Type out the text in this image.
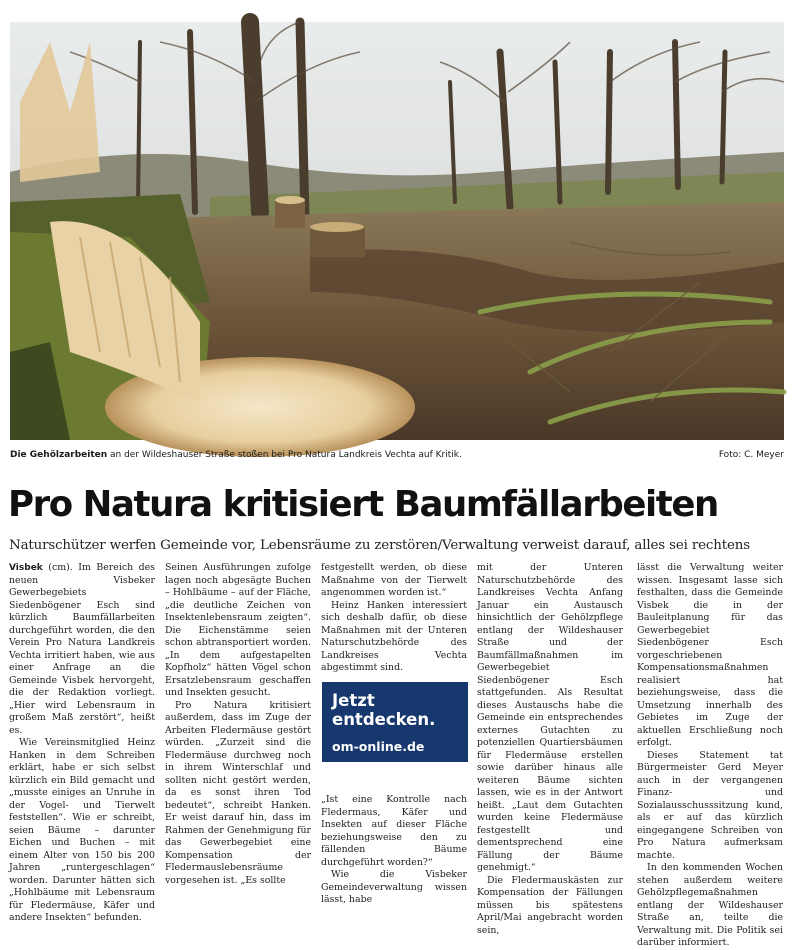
Die Gehölzarbeiten an der Wildeshauser Straße stoßen bei Pro Natura Landkreis Vechta auf Kritik.	Foto: C. Meyer
Pro Natura kritisiert Baumfällarbeiten
Naturschützer werfen Gemeinde vor, Lebensräume zu zerstören/Verwaltung verweist darauf, alles sei rechtens

Visbek (cm). Im Bereich des neuen Visbeker Gewerbegebiets Siedenbögener Esch sind kürzlich Baumfällarbeiten durchgeführt worden, die den Verein Pro Natura Landkreis Vechta irritiert haben, wie aus einer Anfrage an die Gemeinde Visbek hervorgeht, die der Redaktion vorliegt. „Hier wird Lebensraum in großem Maß zerstört“, heißt es.

Wie Vereinsmitglied Heinz Hanken in dem Schreiben erklärt, habe er sich selbst kürzlich ein Bild gemacht und „musste einiges an Unruhe in der Vogel- und Tierwelt feststellen“. Wie er schreibt, seien Bäume – darunter Eichen und Buchen – mit einem Alter von 150 bis 200 Jahren „runtergeschlagen“ worden. Darunter hätten sich „Hohlbäume mit Lebensraum für Fledermäuse, Käfer und andere Insekten“ befunden.

Seinen Ausführungen zufolge lagen noch abgesägte Buchen – Hohlbäume – auf der Fläche, „die deutliche Zeichen von Insektenlebensraum zeigten“. Die Eichenstämme seien schon abtransportiert worden. „In dem aufgestapelten Kopfholz“ hätten Vögel schon Ersatzlebensraum geschaffen und Insekten gesucht.

Pro Natura kritisiert außerdem, dass im Zuge der Arbeiten Fledermäuse gestört würden. „Zurzeit sind die Fledermäuse durchweg noch in ihrem Winterschlaf und sollten nicht gestört werden, da es sonst ihren Tod bedeutet“, schreibt Hanken. Er weist darauf hin, dass im Rahmen der Genehmigung für das Gewerbegebiet eine Kompensation der Fledermauslebensräume vorgesehen ist. „Es sollte

festgestellt werden, ob diese Maßnahme von der Tierwelt angenommen worden ist.“

Heinz Hanken interessiert sich deshalb dafür, ob diese Maßnahmen mit der Unteren Naturschutzbehörde des Landkreises Vechta abgestimmt sind.

Jetzt
entdecken.
om-online.de

„Ist eine Kontrolle nach Fledermaus, Käfer und Insekten auf dieser Fläche beziehungsweise den zu fällenden Bäume durchgeführt worden?“

Wie die Visbeker Gemeindeverwaltung wissen lässt, habe

mit der Unteren Naturschutzbehörde des Landkreises Vechta Anfang Januar ein Austausch hinsichtlich der Gehölzpflege entlang der Wildeshauser Straße und der Baumfällmaßnahmen im Gewerbegebiet Siedenbögener Esch stattgefunden. Als Resultat dieses Austauschs habe die Gemeinde ein entsprechendes externes Gutachten zu potenziellen Quartiersbäumen für Fledermäuse erstellen sowie darüber hinaus alle weiteren Bäume sichten lassen, wie es in der Antwort heißt. „Laut dem Gutachten wurden keine Fledermäuse festgestellt und dementsprechend eine Fällung der Bäume genehmigt.“

Die Fledermauskästen zur Kompensation der Fällungen müssen bis spätestens April/Mai angebracht worden sein,

lässt die Verwaltung weiter wissen. Insgesamt lasse sich festhalten, dass die Gemeinde Visbek die in der Bauleitplanung für das Gewerbegebiet Siedenbögener Esch vorgeschriebenen Kompensationsmaßnahmen realisiert hat beziehungsweise, dass die Umsetzung innerhalb des Gebietes im Zuge der aktuellen Erschließung noch erfolgt.

Dieses Statement tat Bürgermeister Gerd Meyer auch in der vergangenen Finanz- und Sozialausschusssitzung kund, als er auf das kürzlich eingegangene Schreiben von Pro Natura aufmerksam machte.

In den kommenden Wochen stehen außerdem weitere Gehölzpflegemaßnahmen entlang der Wildeshauser Straße an, teilte die Verwaltung mit. Die Politik sei darüber informiert.
